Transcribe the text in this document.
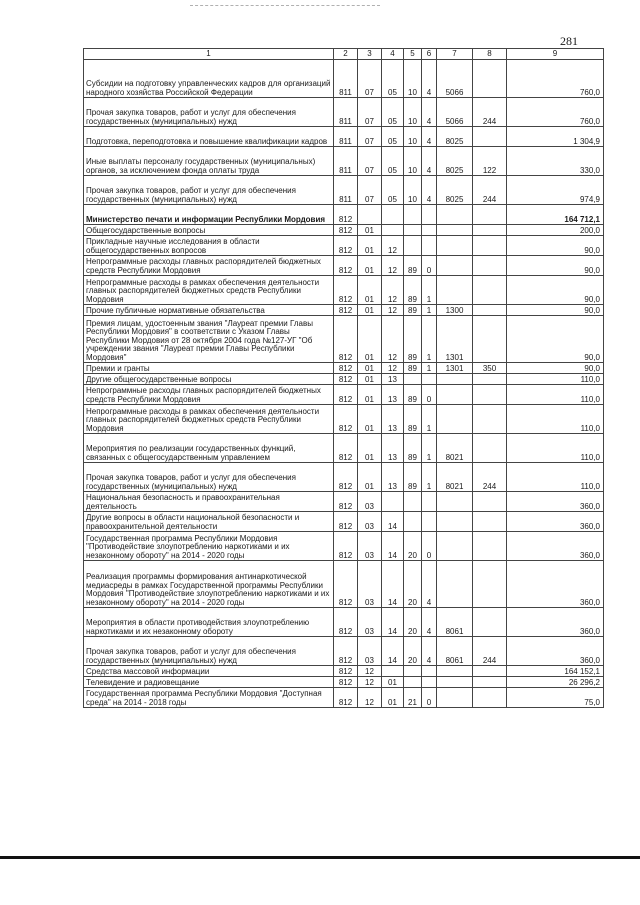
281
1	2	3	4	5	6	7	8	9
Субсидии на подготовку управленческих кадров для организаций народного хозяйства Российской Федерации	811	07	05	10	4	5066		760,0
Прочая закупка товаров, работ и услуг для обеспечения государственных (муниципальных) нужд	811	07	05	10	4	5066	244	760,0
Подготовка, переподготовка и повышение квалификации кадров	811	07	05	10	4	8025		1 304,9
Иные выплаты персоналу государственных (муниципальных) органов, за исключением фонда оплаты труда	811	07	05	10	4	8025	122	330,0
Прочая закупка товаров, работ и услуг для обеспечения государственных (муниципальных) нужд	811	07	05	10	4	8025	244	974,9
Министерство печати и информации Республики Мордовия	812							164 712,1
Общегосударственные вопросы	812	01						200,0
Прикладные научные исследования в области общегосударственных вопросов	812	01	12					90,0
Непрограммные расходы главных распорядителей бюджетных средств Республики Мордовия	812	01	12	89	0			90,0
Непрограммные расходы в рамках обеспечения деятельности главных распорядителей бюджетных средств Республики Мордовия	812	01	12	89	1			90,0
Прочие публичные нормативные обязательства	812	01	12	89	1	1300		90,0
Премия лицам, удостоенным звания "Лауреат премии Главы Республики Мордовия" в соответствии с Указом Главы Республики Мордовия от 28 октября 2004 года №127-УГ "Об учреждении звания "Лауреат премии Главы Республики Мордовия"	812	01	12	89	1	1301		90,0
Премии и гранты	812	01	12	89	1	1301	350	90,0
Другие общегосударственные вопросы	812	01	13					110,0
Непрограммные расходы главных распорядителей бюджетных средств Республики Мордовия	812	01	13	89	0			110,0
Непрограммные расходы в рамках обеспечения деятельности главных распорядителей бюджетных средств Республики Мордовия	812	01	13	89	1			110,0
Мероприятия по реализации государственных функций, связанных с общегосударственным управлением	812	01	13	89	1	8021		110,0
Прочая закупка товаров, работ и услуг для обеспечения государственных (муниципальных) нужд	812	01	13	89	1	8021	244	110,0
Национальная безопасность и правоохранительная деятельность	812	03						360,0
Другие вопросы в области национальной безопасности и правоохранительной деятельности	812	03	14					360,0
Государственная программа Республики Мордовия "Противодействие злоупотреблению наркотиками и их незаконному обороту" на 2014 - 2020 годы	812	03	14	20	0			360,0
Реализация программы формирования антинаркотической медиасреды в рамках Государственной программы Республики Мордовия "Противодействие злоупотреблению наркотиками и их незаконному обороту" на 2014 - 2020 годы	812	03	14	20	4			360,0
Мероприятия в области противодействия злоупотреблению наркотиками и их незаконному обороту	812	03	14	20	4	8061		360,0
Прочая закупка товаров, работ и услуг для обеспечения государственных (муниципальных) нужд	812	03	14	20	4	8061	244	360,0
Средства массовой информации	812	12						164 152,1
Телевидение и радиовещание	812	12	01					26 296,2
Государственная программа Республики Мордовия "Доступная среда" на 2014 - 2018 годы	812	12	01	21	0			75,0
